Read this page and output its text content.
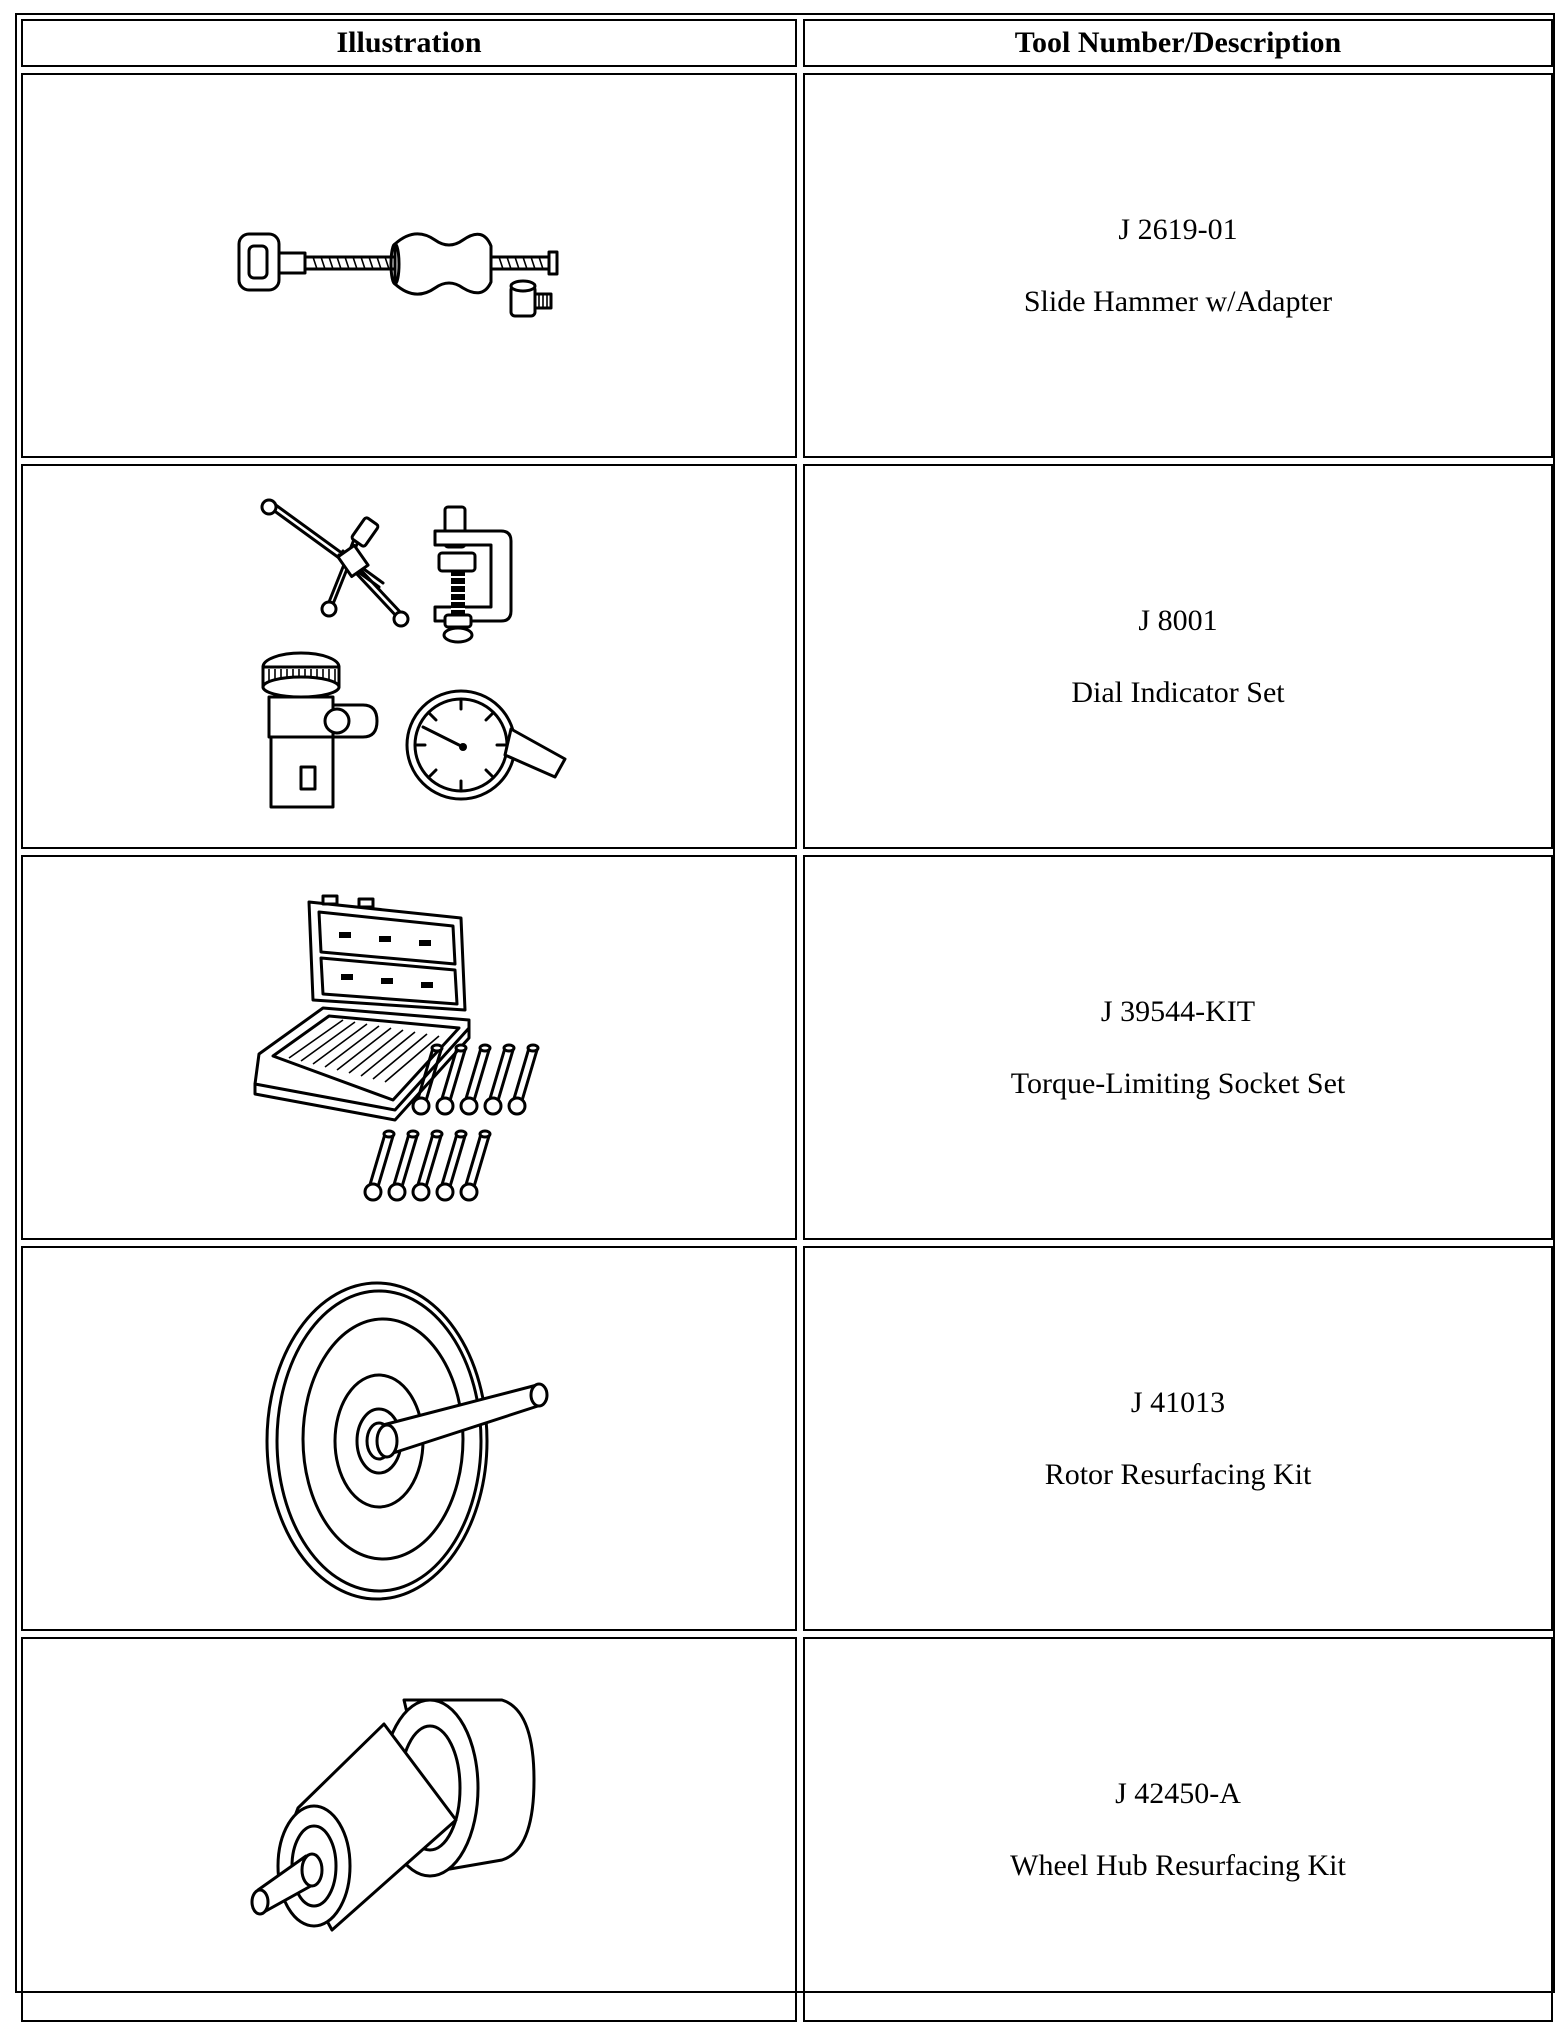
Illustration	Tool Number/Description
J 2619-01
Slide Hammer w/Adapter
J 8001
Dial Indicator Set
J 39544-KIT
Torque-Limiting Socket Set
J 41013
Rotor Resurfacing Kit
J 42450-A
Wheel Hub Resurfacing Kit
